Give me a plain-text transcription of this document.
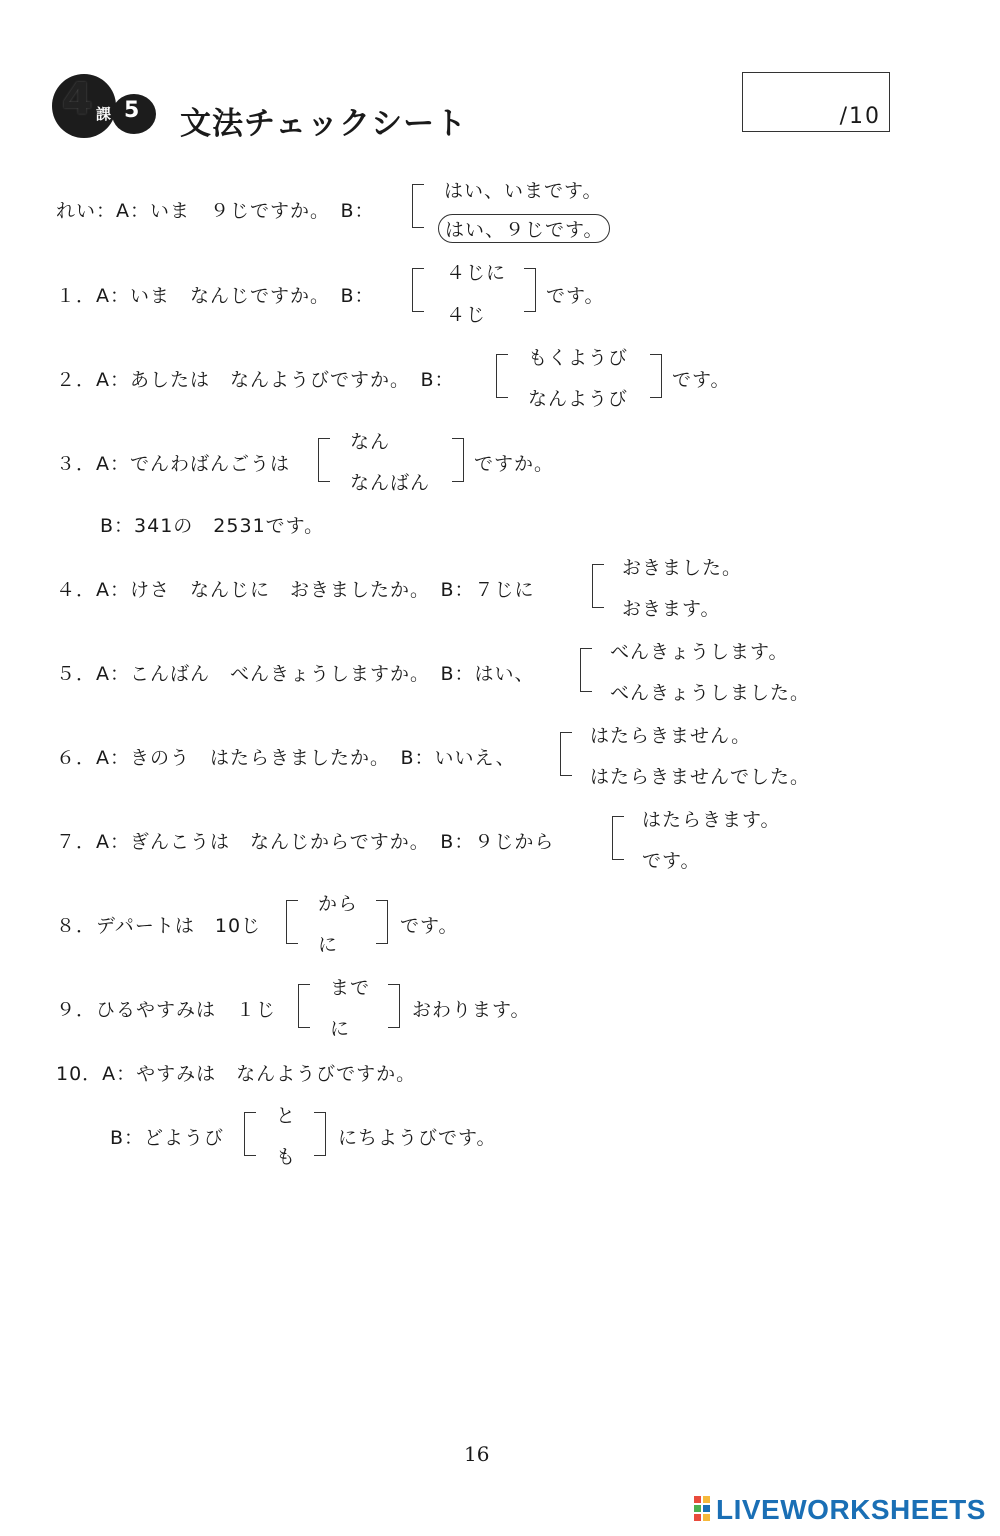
4 課 5 文法チェックシート	/10
れい：A：いま　９じですか。　B：
はい、いまです。
はい、９じです。
１．A：いま　なんじですか。　B：
４じに
４じ
です。
２．A：あしたは　なんようびですか。　B：
もくようび
なんようび
です。
３．A：でんわばんごうは
なん
なんばん
ですか。
B：341の　2531です。
４．A：けさ　なんじに　おきましたか。　B：７じに
おきました。
おきます。
５．A：こんばん　べんきょうしますか。　B：はい、
べんきょうします。
べんきょうしました。
６．A：きのう　はたらきましたか。　B：いいえ、
はたらきません。
はたらきませんでした。
７．A：ぎんこうは　なんじからですか。　B：９じから
はたらきます。
です。
８．デパートは　10じ
から
に
です。
９．ひるやすみは　１じ
まで
に
おわります。
10．A：やすみは　なんようびですか。
B：どようび
と
も
にちようびです。
16
LIVEWORKSHEETS
